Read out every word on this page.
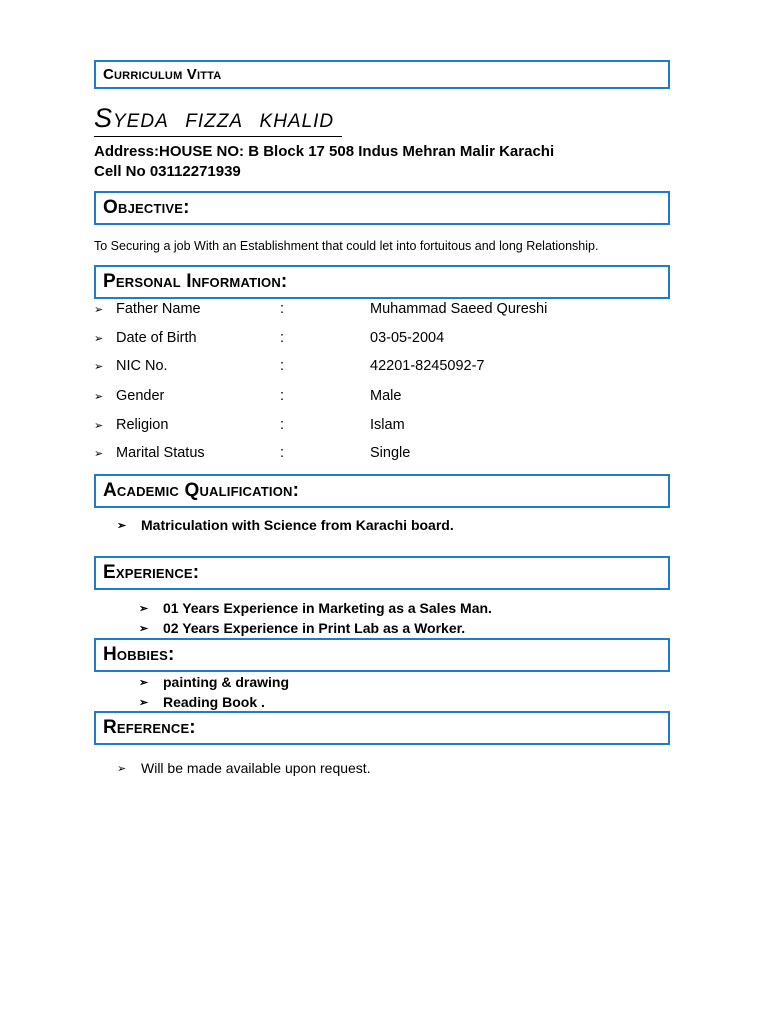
Curriculum Vitta
Syeda fizza khalid
Address:HOUSE NO: B Block 17 508 Indus Mehran Malir Karachi
Cell No 03112271939
Objective:
To Securing a job With an Establishment that could let into fortuitous and long Relationship.
Personal Information:
➢ Father Name	:	Muhammad Saeed Qureshi
➢ Date of Birth	:	03-05-2004
➢ NIC No.	:	42201-8245092-7
➢ Gender	:	Male
➢ Religion	:	Islam
➢ Marital Status	:	Single
Academic Qualification:
➢	Matriculation with Science from Karachi board.
Experience:
➢	01 Years Experience in Marketing as a Sales Man.
➢	02 Years Experience in Print Lab as a Worker.
Hobbies:
➢	painting & drawing
➢	Reading Book .
Reference:
➢	Will be made available upon request.
